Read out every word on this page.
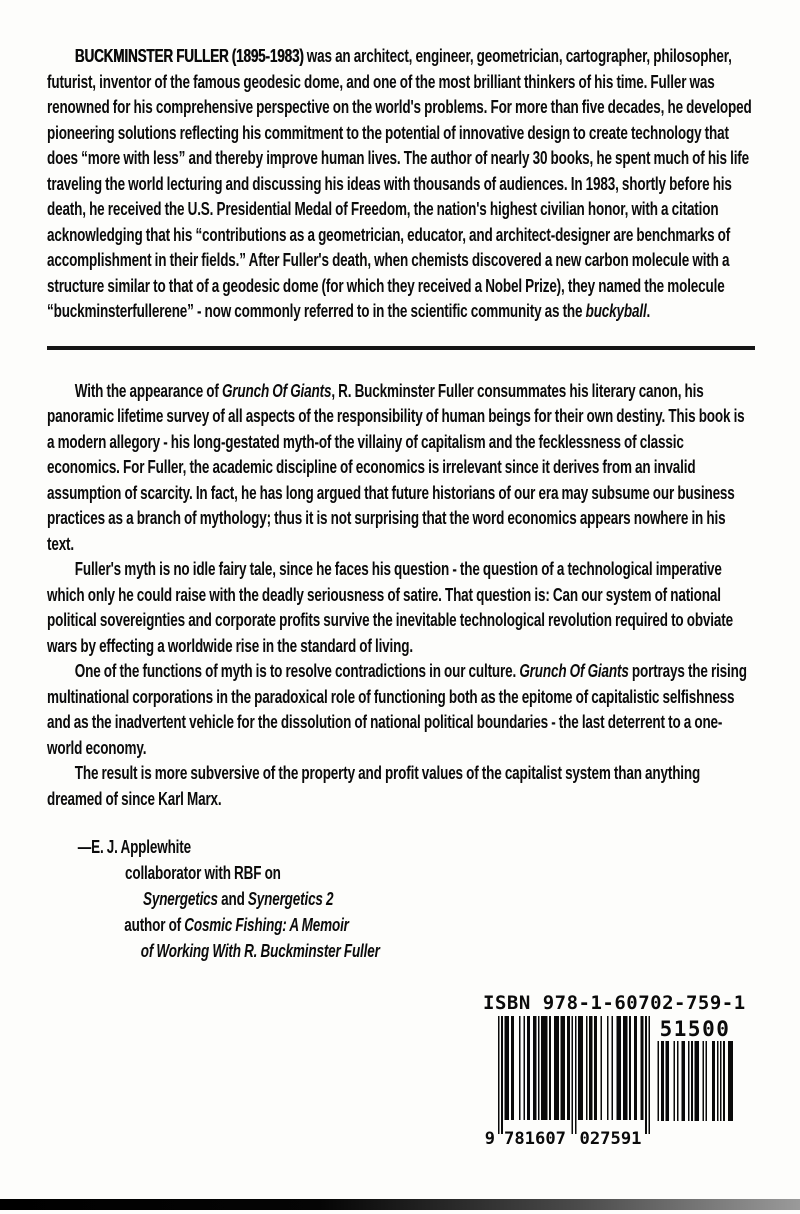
BUCKMINSTER FULLER (1895-1983) was an architect, engineer, geometrician, cartographer, philosopher, futurist, inventor of the famous geodesic dome, and one of the most brilliant thinkers of his time. Fuller was renowned for his comprehensive perspective on the world's problems. For more than five decades, he developed pioneering solutions reflecting his commitment to the potential of innovative design to create technology that does “more with less” and thereby improve human lives. The author of nearly 30 books, he spent much of his life traveling the world lecturing and discussing his ideas with thousands of audiences. In 1983, shortly before his death, he received the U.S. Presidential Medal of Freedom, the nation's highest civilian honor, with a citation acknowledging that his “contributions as a geometrician, educator, and architect-designer are benchmarks of accomplishment in their fields.” After Fuller's death, when chemists discovered a new carbon molecule with a structure similar to that of a geodesic dome (for which they received a Nobel Prize), they named the molecule “buckminsterfullerene” - now commonly referred to in the scientific community as the buckyball.

With the appearance of Grunch Of Giants, R. Buckminster Fuller consummates his literary canon, his panoramic lifetime survey of all aspects of the responsibility of human beings for their own destiny. This book is a modern allegory - his long-gestated myth-of the villainy of capitalism and the fecklessness of classic economics. For Fuller, the academic discipline of economics is irrelevant since it derives from an invalid assumption of scarcity. In fact, he has long argued that future historians of our era may subsume our business practices as a branch of mythology; thus it is not surprising that the word economics appears nowhere in his text.

Fuller's myth is no idle fairy tale, since he faces his question - the question of a technological imperative which only he could raise with the deadly seriousness of satire. That question is: Can our system of national political sovereignties and corporate profits survive the inevitable technological revolution required to obviate wars by effecting a worldwide rise in the standard of living.

One of the functions of myth is to resolve contradictions in our culture. Grunch Of Giants portrays the rising multinational corporations in the paradoxical role of functioning both as the epitome of capitalistic selfishness and as the inadvertent vehicle for the dissolution of national political boundaries - the last deterrent to a one-world economy.

The result is more subversive of the property and profit values of the capitalist system than anything dreamed of since Karl Marx.

—E. J. Applewhite
collaborator with RBF on
Synergetics and Synergetics 2
author of Cosmic Fishing: A Memoir
of Working With R. Buckminster Fuller
ISBN 978-1-60702-759-1
51500
9 781607 027591
